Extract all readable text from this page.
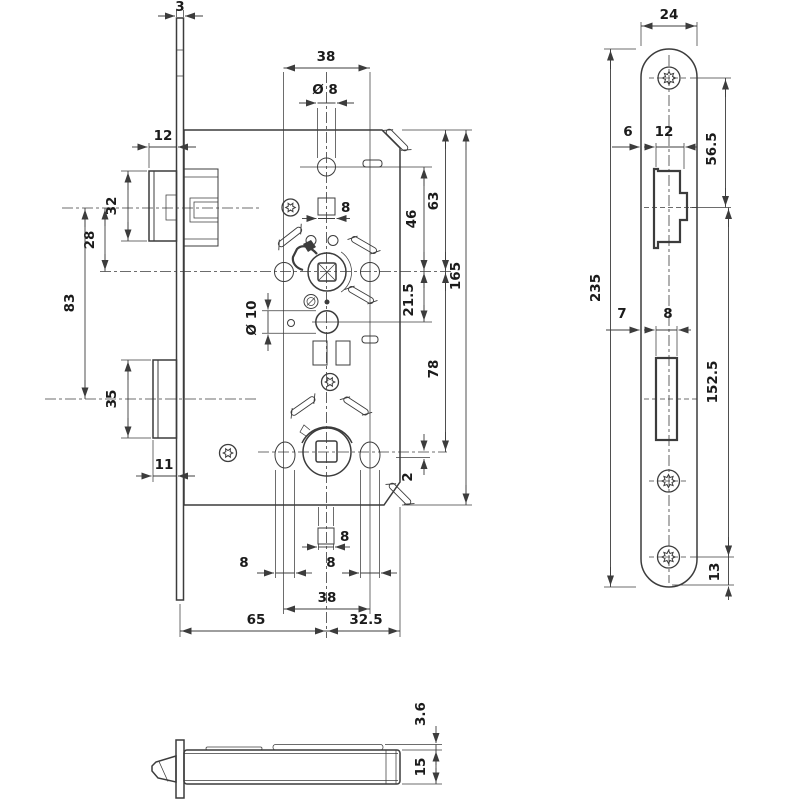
3
38
Ø 8
12
32
28
83
35
11
8
Ø 10
46
21.5
2
63
78
165
8
8	8
38
65	32.5
24
6 12
56.5
235
7	8
152.5
13
3.6
15
